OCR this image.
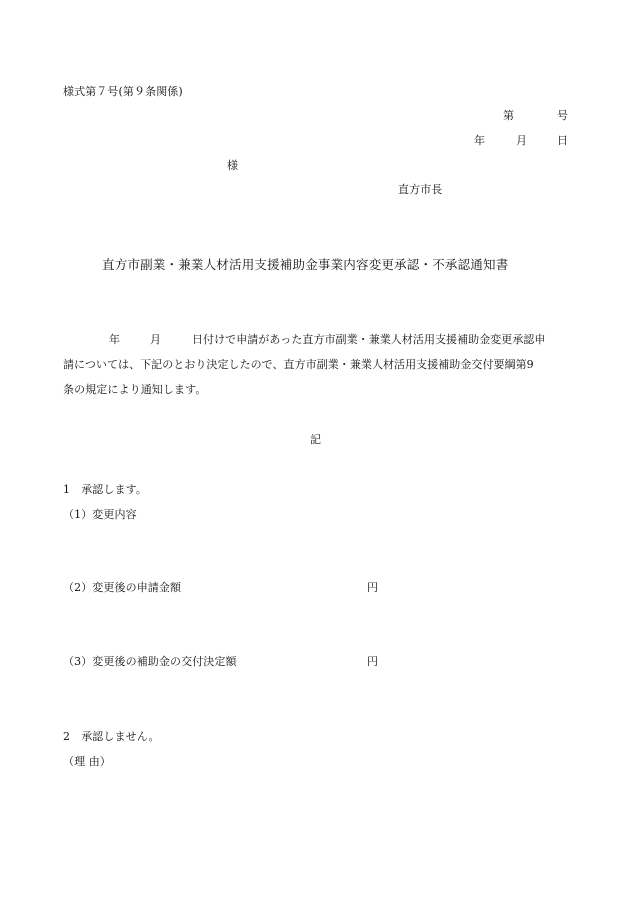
様式第７号(第９条関係)
第	号
年	月	日
様
直方市長
直方市副業・兼業人材活用支援補助金事業内容変更承認・不承認通知書
年	月	日付けで申請があった直方市副業・兼業人材活用支援補助金変更承認申
請については、下記のとおり決定したので、直方市副業・兼業人材活用支援補助金交付要綱第9
条の規定により通知します。
記
1　承認します。
（1）変更内容
（2）変更後の申請金額	円
（3）変更後の補助金の交付決定額	円
2　承認しません。
（理 由）
